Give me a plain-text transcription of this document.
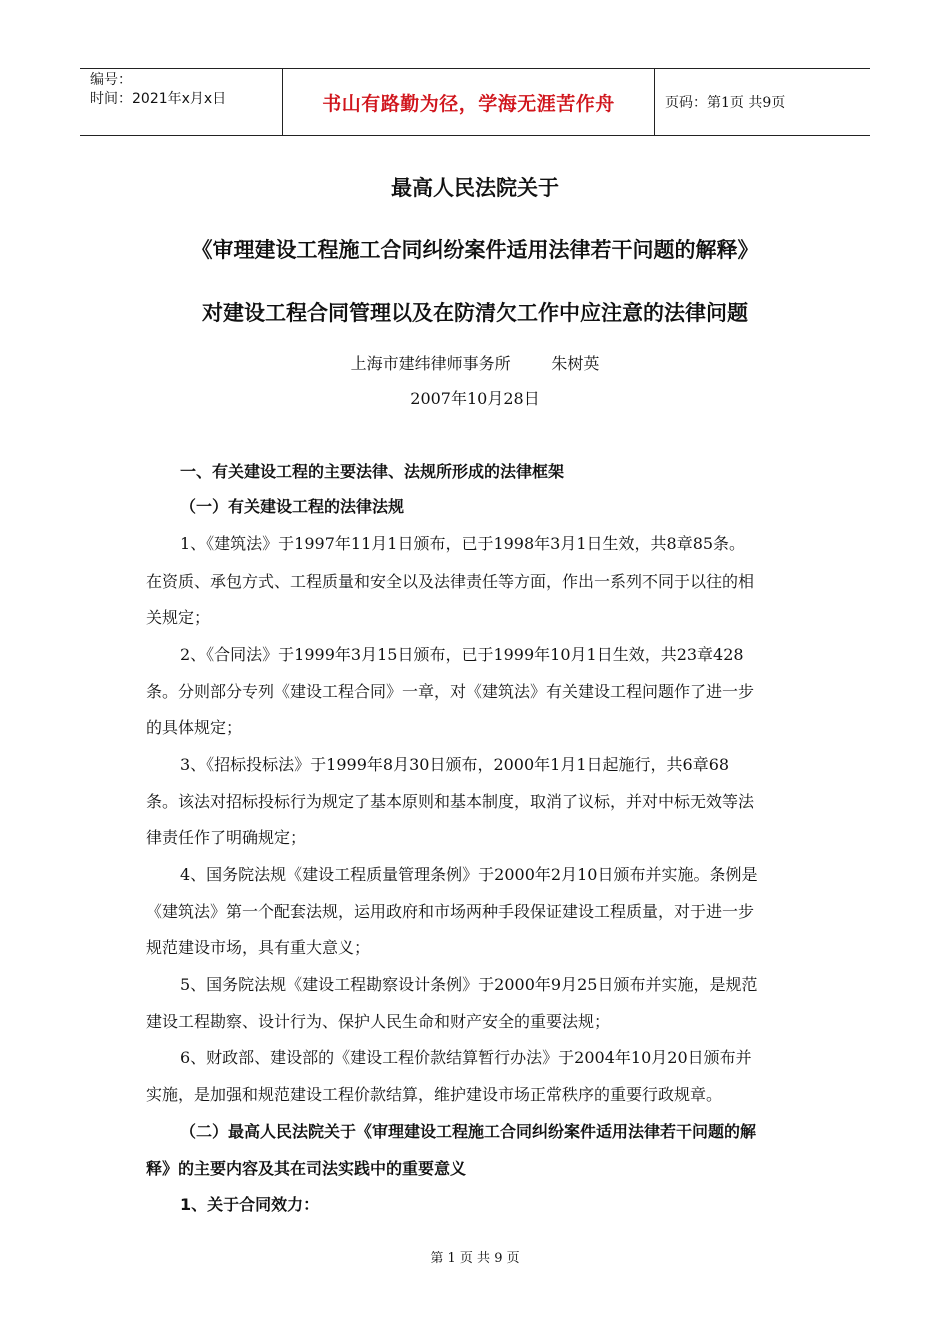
编号：
时间：2021年x月x日	书山有路勤为径，学海无涯苦作舟	页码：第1页 共9页
最高人民法院关于
《审理建设工程施工合同纠纷案件适用法律若干问题的解释》
对建设工程合同管理以及在防清欠工作中应注意的法律问题
上海市建纬律师事务所        朱树英
2007年10月28日
一、有关建设工程的主要法律、法规所形成的法律框架
（一）有关建设工程的法律法规
1、《建筑法》于1997年11月1日颁布，已于1998年3月1日生效，共8章85条。
在资质、承包方式、工程质量和安全以及法律责任等方面，作出一系列不同于以往的相
关规定；
2、《合同法》于1999年3月15日颁布，已于1999年10月1日生效，共23章428
条。分则部分专列《建设工程合同》一章，对《建筑法》有关建设工程问题作了进一步
的具体规定；
3、《招标投标法》于1999年8月30日颁布，2000年1月1日起施行，共6章68
条。该法对招标投标行为规定了基本原则和基本制度，取消了议标，并对中标无效等法
律责任作了明确规定；
4、国务院法规《建设工程质量管理条例》于2000年2月10日颁布并实施。条例是
《建筑法》第一个配套法规，运用政府和市场两种手段保证建设工程质量，对于进一步
规范建设市场，具有重大意义；
5、国务院法规《建设工程勘察设计条例》于2000年9月25日颁布并实施，是规范
建设工程勘察、设计行为、保护人民生命和财产安全的重要法规；
6、财政部、建设部的《建设工程价款结算暂行办法》于2004年10月20日颁布并
实施，是加强和规范建设工程价款结算，维护建设市场正常秩序的重要行政规章。
（二）最高人民法院关于《审理建设工程施工合同纠纷案件适用法律若干问题的解
释》的主要内容及其在司法实践中的重要意义
1、关于合同效力：
第 1 页 共 9 页
